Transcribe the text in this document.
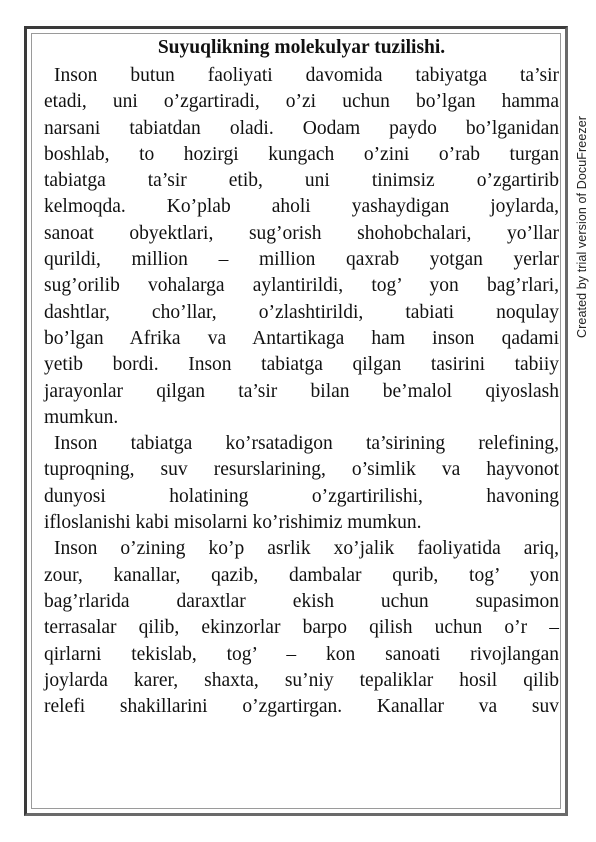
Suyuqlikning molekulyar tuzilishi.
Inson butun faoliyati davomida tabiyatga ta’sir
etadi, uni o’zgartiradi, o’zi uchun bo’lgan hamma
narsani tabiatdan oladi. Oodam paydo bo’lganidan
boshlab, to hozirgi kungach o’zini o’rab turgan
tabiatga ta’sir etib, uni tinimsiz o’zgartirib
kelmoqda. Ko’plab aholi yashaydigan joylarda,
sanoat obyektlari, sug’orish shohobchalari, yo’llar
qurildi, million – million qaxrab yotgan yerlar
sug’orilib vohalarga aylantirildi, tog’ yon bag’rlari,
dashtlar, cho’llar, o’zlashtirildi, tabiati noqulay
bo’lgan Afrika va Antartikaga ham inson qadami
yetib bordi. Inson tabiatga qilgan tasirini tabiiy
jarayonlar qilgan ta’sir bilan be’malol qiyoslash
mumkun.
Inson tabiatga ko’rsatadigon ta’sirining relefining,
tuproqning, suv resurslarining, o’simlik va hayvonot
dunyosi holatining o’zgartirilishi, havoning
ifloslanishi kabi misolarni ko’rishimiz mumkun.
Inson o’zining ko’p asrlik xo’jalik faoliyatida ariq,
zour, kanallar, qazib, dambalar qurib, tog’ yon
bag’rlarida daraxtlar ekish uchun supasimon
terrasalar qilib, ekinzorlar barpo qilish uchun o’r –
qirlarni tekislab, tog’ – kon sanoati rivojlangan
joylarda karer, shaxta, su’niy tepaliklar hosil qilib
relefi shakillarini o’zgartirgan. Kanallar va suv
Created by trial version of DocuFreezer
